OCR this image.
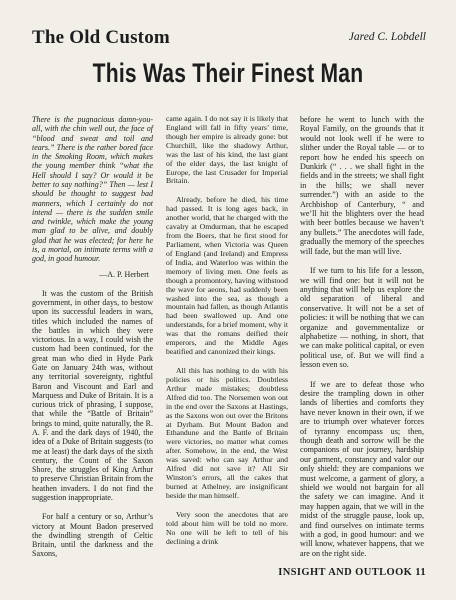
The Old Custom	Jared C. Lobdell

This Was Their Finest Man

There is the pugnacious damn-you-all, with the chin well out, the face of “blood and sweat and toil and tears.” There is the rather bored face in the Smoking Room, which makes the young member think “what the Hell should I say? Or would it be better to say nothing?” Then — lest I should be thought to suggest bad manners, which I certainly do not intend — there is the sudden smile and twinkle, which make the young man glad to be alive, and doubly glad that he was elected; for here he is, a mortal, on intimate terms with a god, in good humour.

—A. P. Herbert

It was the custom of the British government, in other days, to bestow upon its successful leaders in wars, titles which included the names of the battles in which they were victorious. In a way, I could wish the custom had been continued, for the great man who died in Hyde Park Gate on January 24th was, without any territorial sovereignty, rightful Baron and Viscount and Earl and Marquess and Duke of Britain. It is a curious trick of phrasing, I suppose, that while the “Battle of Britain” brings to mind, quite naturally, the R. A. F. and the dark days of 1940, the idea of a Duke of Britain suggests (to me at least) the dark days of the sixth century, the Count of the Saxon Shore, the struggles of King Arthur to preserve Christian Britain from the heathen invaders. I do not find the suggestion inappropriate.

For half a century or so, Arthur’s victory at Mount Badon preserved the dwindling strength of Celtic Britain, until the darkness and the Saxons,

came again. I do not say it is likely that England will fall in fifty years’ time, though her empire is already gone: but Churchill, like the shadowy Arthur, was the last of his kind, the last giant of the elder days, the last knight of Europe, the last Crusader for Imperial Britain.

Already, before he died, his time had passed. It is long ages back, in another world, that he charged with the cavalry at Omdurman, that he escaped from the Boers, that he first stood for Parliament, when Victoria was Queen of England (and Ireland) and Empress of India, and Waterloo was within the memory of living men. One feels as though a promontory, having withstood the wave for aeons, had suddenly been washed into the sea, as though a mountain had fallen, as though Atlantis had been swallowed up. And one understands, for a brief moment, why it was that the romans deified their emperors, and the Middle Ages beatified and canonized their kings.

All this has nothing to do with his policies or his politics. Doubtless Arthur made mistakes; doubtless Alfred did too. The Norsemen won out in the end over the Saxons at Hastings, as the Saxons won out over the Britons at Dyrham. But Mount Badon and Ethandune and the Battle of Britain were victories, no matter what comes after. Somehow, in the end, the West was saved: who can say Arthur and Alfred did not save it? All Sir Winston’s errors, all the cakes that burned at Athelney, are insignificant beside the man himself.

Very soon the anecdotes that are told about him will be told no more. No one will be left to tell of his declining a drink

before he went to lunch with the Royal Family, on the grounds that it would not look well if he were to slither under the Royal table — or to report how he ended his speech on Dunkirk (“ . . . we shall fight in the fields and in the streets; we shall fight in the hills; we shall never surrender.”) with an aside to the Archbishop of Canterbury, “ and we’ll hit the blighters over the head with beer bottles because we haven’t any bullets.” The anecdotes will fade, gradually the memory of the speeches will fade, but the man will live.

If we turn to his life for a lesson, we will find one: but it will not be anything that will help us explore the old separation of liberal and conservative. It will not be a set of policies: it will be nothing that we can organize and governmentalize or alphabetize — nothing, in short, that we can make political capital, or even political use, of. But we will find a lesson even so.

If we are to defeat those who desire the trampling down in other lands of liberties and comforts they have never known in their own, if we are to triumph over whatever forces of tyranny encompass us; then, though death and sorrow will be the companions of our journey, hardship our garment, constancy and valor our only shield: they are companions we must welcome, a garment of glory, a shield we would not bargain for all the safety we can imagine. And it may happen again, that we will in the midst of the struggle pause, look up, and find ourselves on intimate terms with a god, in good humour: and we will know, whatever happens, that we are on the right side.

INSIGHT AND OUTLOOK 11
